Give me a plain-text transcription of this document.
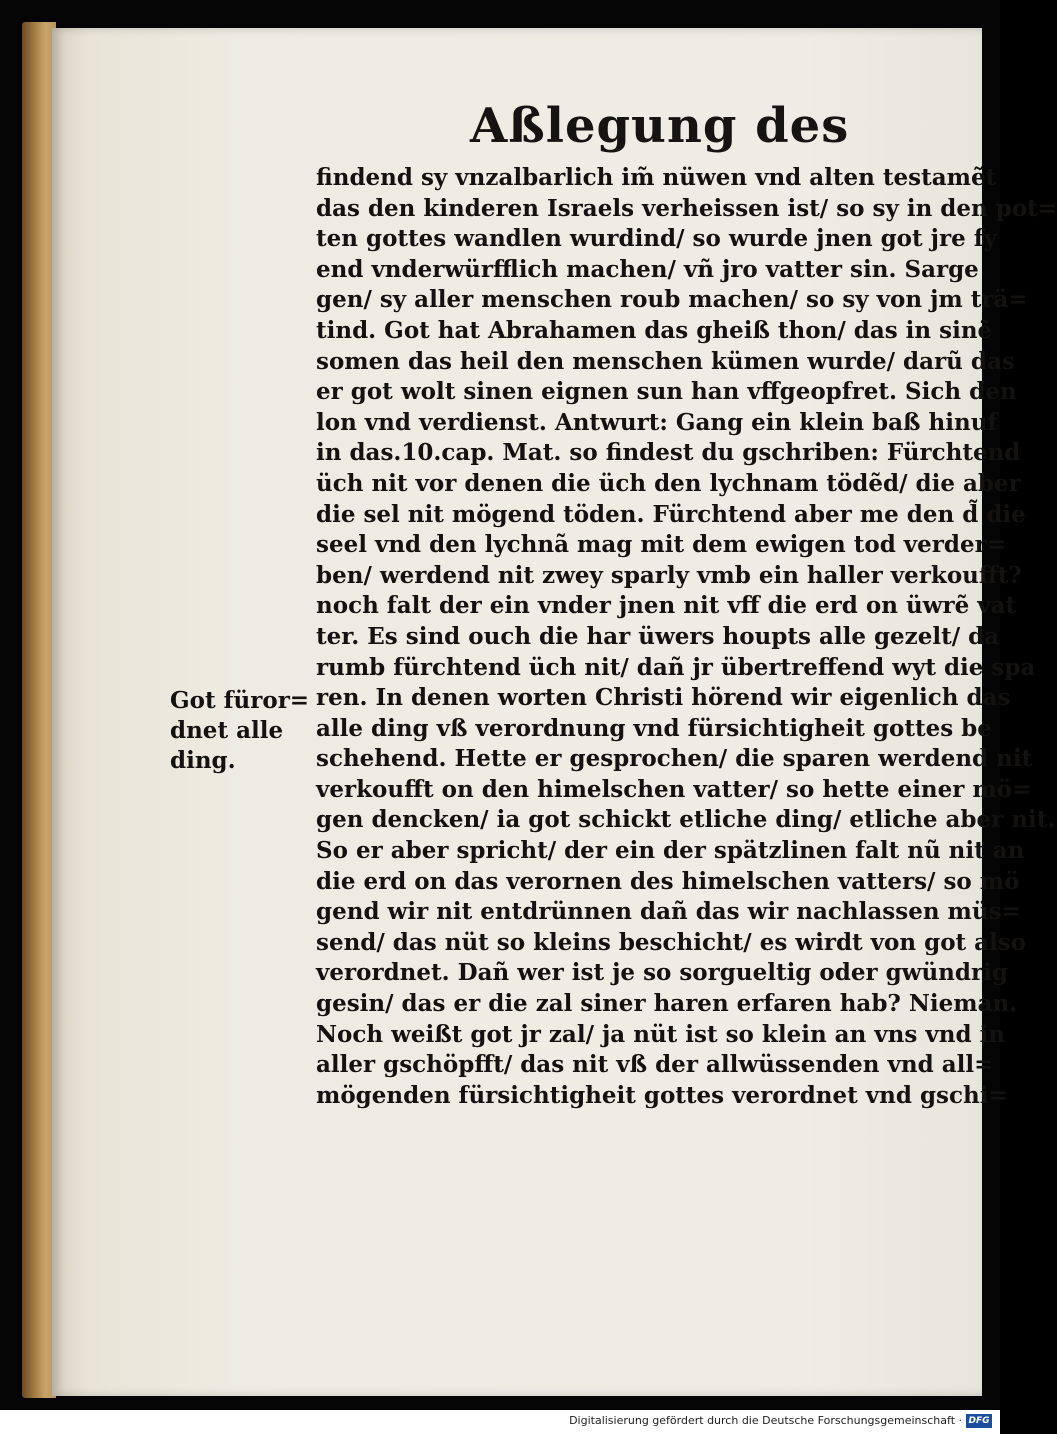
Aßlegung des
Got füror=
dnet alle
ding.
findend sy vnzalbarlich im̃ nüwen vnd alten testamẽt
das den kinderen Israels verheissen ist/ so sy in den pot=
ten gottes wandlen wurdind/ so wurde jnen got jre fy
end vnderwürfflich machen/ vñ jro vatter sin. Sarge
gen/ sy aller menschen roub machen/ so sy von jm trä=
tind. Got hat Abrahamen das gheiß thon/ das in sinẽ
somen das heil den menschen kümen wurde/ darũ das
er got wolt sinen eignen sun han vffgeopfret. Sich den
lon vnd verdienst. Antwurt: Gang ein klein baß hinuf
in das.10.cap. Mat. so findest du gschriben: Fürchtend
üch nit vor denen die üch den lychnam tödẽd/ die aber
die sel nit mögend töden. Fürchtend aber me den d̃ die
seel vnd den lychnã mag mit dem ewigen tod verder=
ben/ werdend nit zwey sparly vmb ein haller verkoufft?
noch falt der ein vnder jnen nit vff die erd on üwrẽ vat
ter. Es sind ouch die har üwers houpts alle gezelt/ da
rumb fürchtend üch nit/ dañ jr übertreffend wyt die spa
ren. In denen worten Christi hörend wir eigenlich das
alle ding vß verordnung vnd fürsichtigheit gottes be
schehend. Hette er gesprochen/ die sparen werdend nit
verkoufft on den himelschen vatter/ so hette einer mö=
gen dencken/ ia got schickt etliche ding/ etliche aber nit.
So er aber spricht/ der ein der spätzlinen falt nũ nit an
die erd on das verornen des himelschen vatters/ so mö
gend wir nit entdrünnen dañ das wir nachlassen müs=
send/ das nüt so kleins beschicht/ es wirdt von got also
verordnet. Dañ wer ist je so sorgueltig oder gwündrig
gesin/ das er die zal siner haren erfaren hab? Nieman.
Noch weißt got jr zal/ ja nüt ist so klein an vns vnd in
aller gschöpfft/ das nit vß der allwüssenden vnd all=
mögenden fürsichtigheit gottes verordnet vnd gschi=
Digitalisierung gefördert durch die Deutsche Forschungsgemeinschaft · DFG
